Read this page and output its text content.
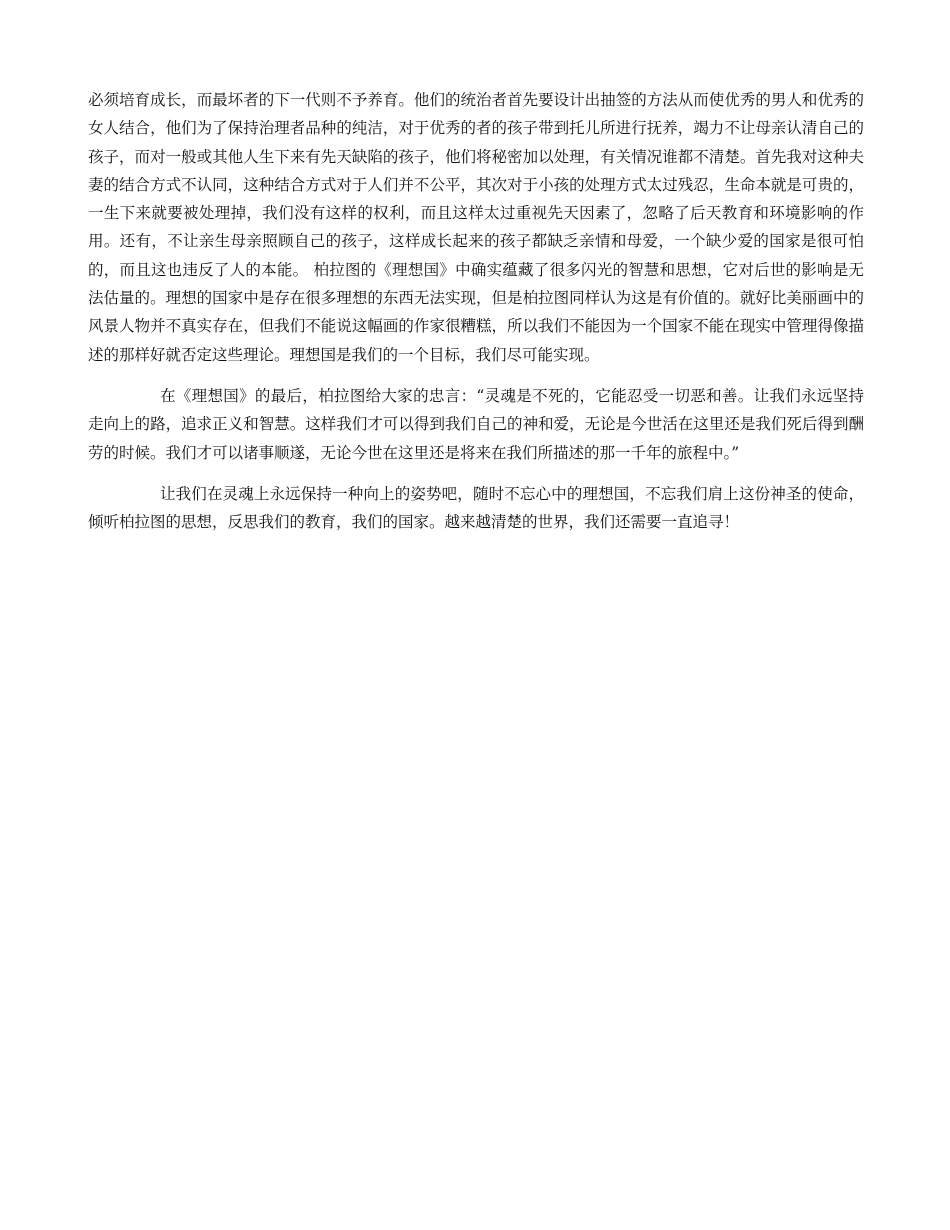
必须培育成长，而最坏者的下一代则不予养育。他们的统治者首先要设计出抽签的方法从而使优秀的男人和优秀的女人结合，他们为了保持治理者品种的纯洁，对于优秀的者的孩子带到托儿所进行抚养，竭力不让母亲认清自己的孩子，而对一般或其他人生下来有先天缺陷的孩子，他们将秘密加以处理，有关情况谁都不清楚。首先我对这种夫妻的结合方式不认同，这种结合方式对于人们并不公平，其次对于小孩的处理方式太过残忍，生命本就是可贵的，一生下来就要被处理掉，我们没有这样的权利，而且这样太过重视先天因素了，忽略了后天教育和环境影响的作用。还有，不让亲生母亲照顾自己的孩子，这样成长起来的孩子都缺乏亲情和母爱，一个缺少爱的国家是很可怕的，而且这也违反了人的本能。 柏拉图的《理想国》中确实蕴藏了很多闪光的智慧和思想，它对后世的影响是无法估量的。理想的国家中是存在很多理想的东西无法实现，但是柏拉图同样认为这是有价值的。就好比美丽画中的风景人物并不真实存在，但我们不能说这幅画的作家很糟糕，所以我们不能因为一个国家不能在现实中管理得像描述的那样好就否定这些理论。理想国是我们的一个目标，我们尽可能实现。

在《理想国》的最后，柏拉图给大家的忠言：“灵魂是不死的，它能忍受一切恶和善。让我们永远坚持走向上的路，追求正义和智慧。这样我们才可以得到我们自己的神和爱，无论是今世活在这里还是我们死后得到酬劳的时候。我们才可以诸事顺遂，无论今世在这里还是将来在我们所描述的那一千年的旅程中。”

让我们在灵魂上永远保持一种向上的姿势吧，随时不忘心中的理想国，不忘我们肩上这份神圣的使命，倾听柏拉图的思想，反思我们的教育，我们的国家。越来越清楚的世界，我们还需要一直追寻！
